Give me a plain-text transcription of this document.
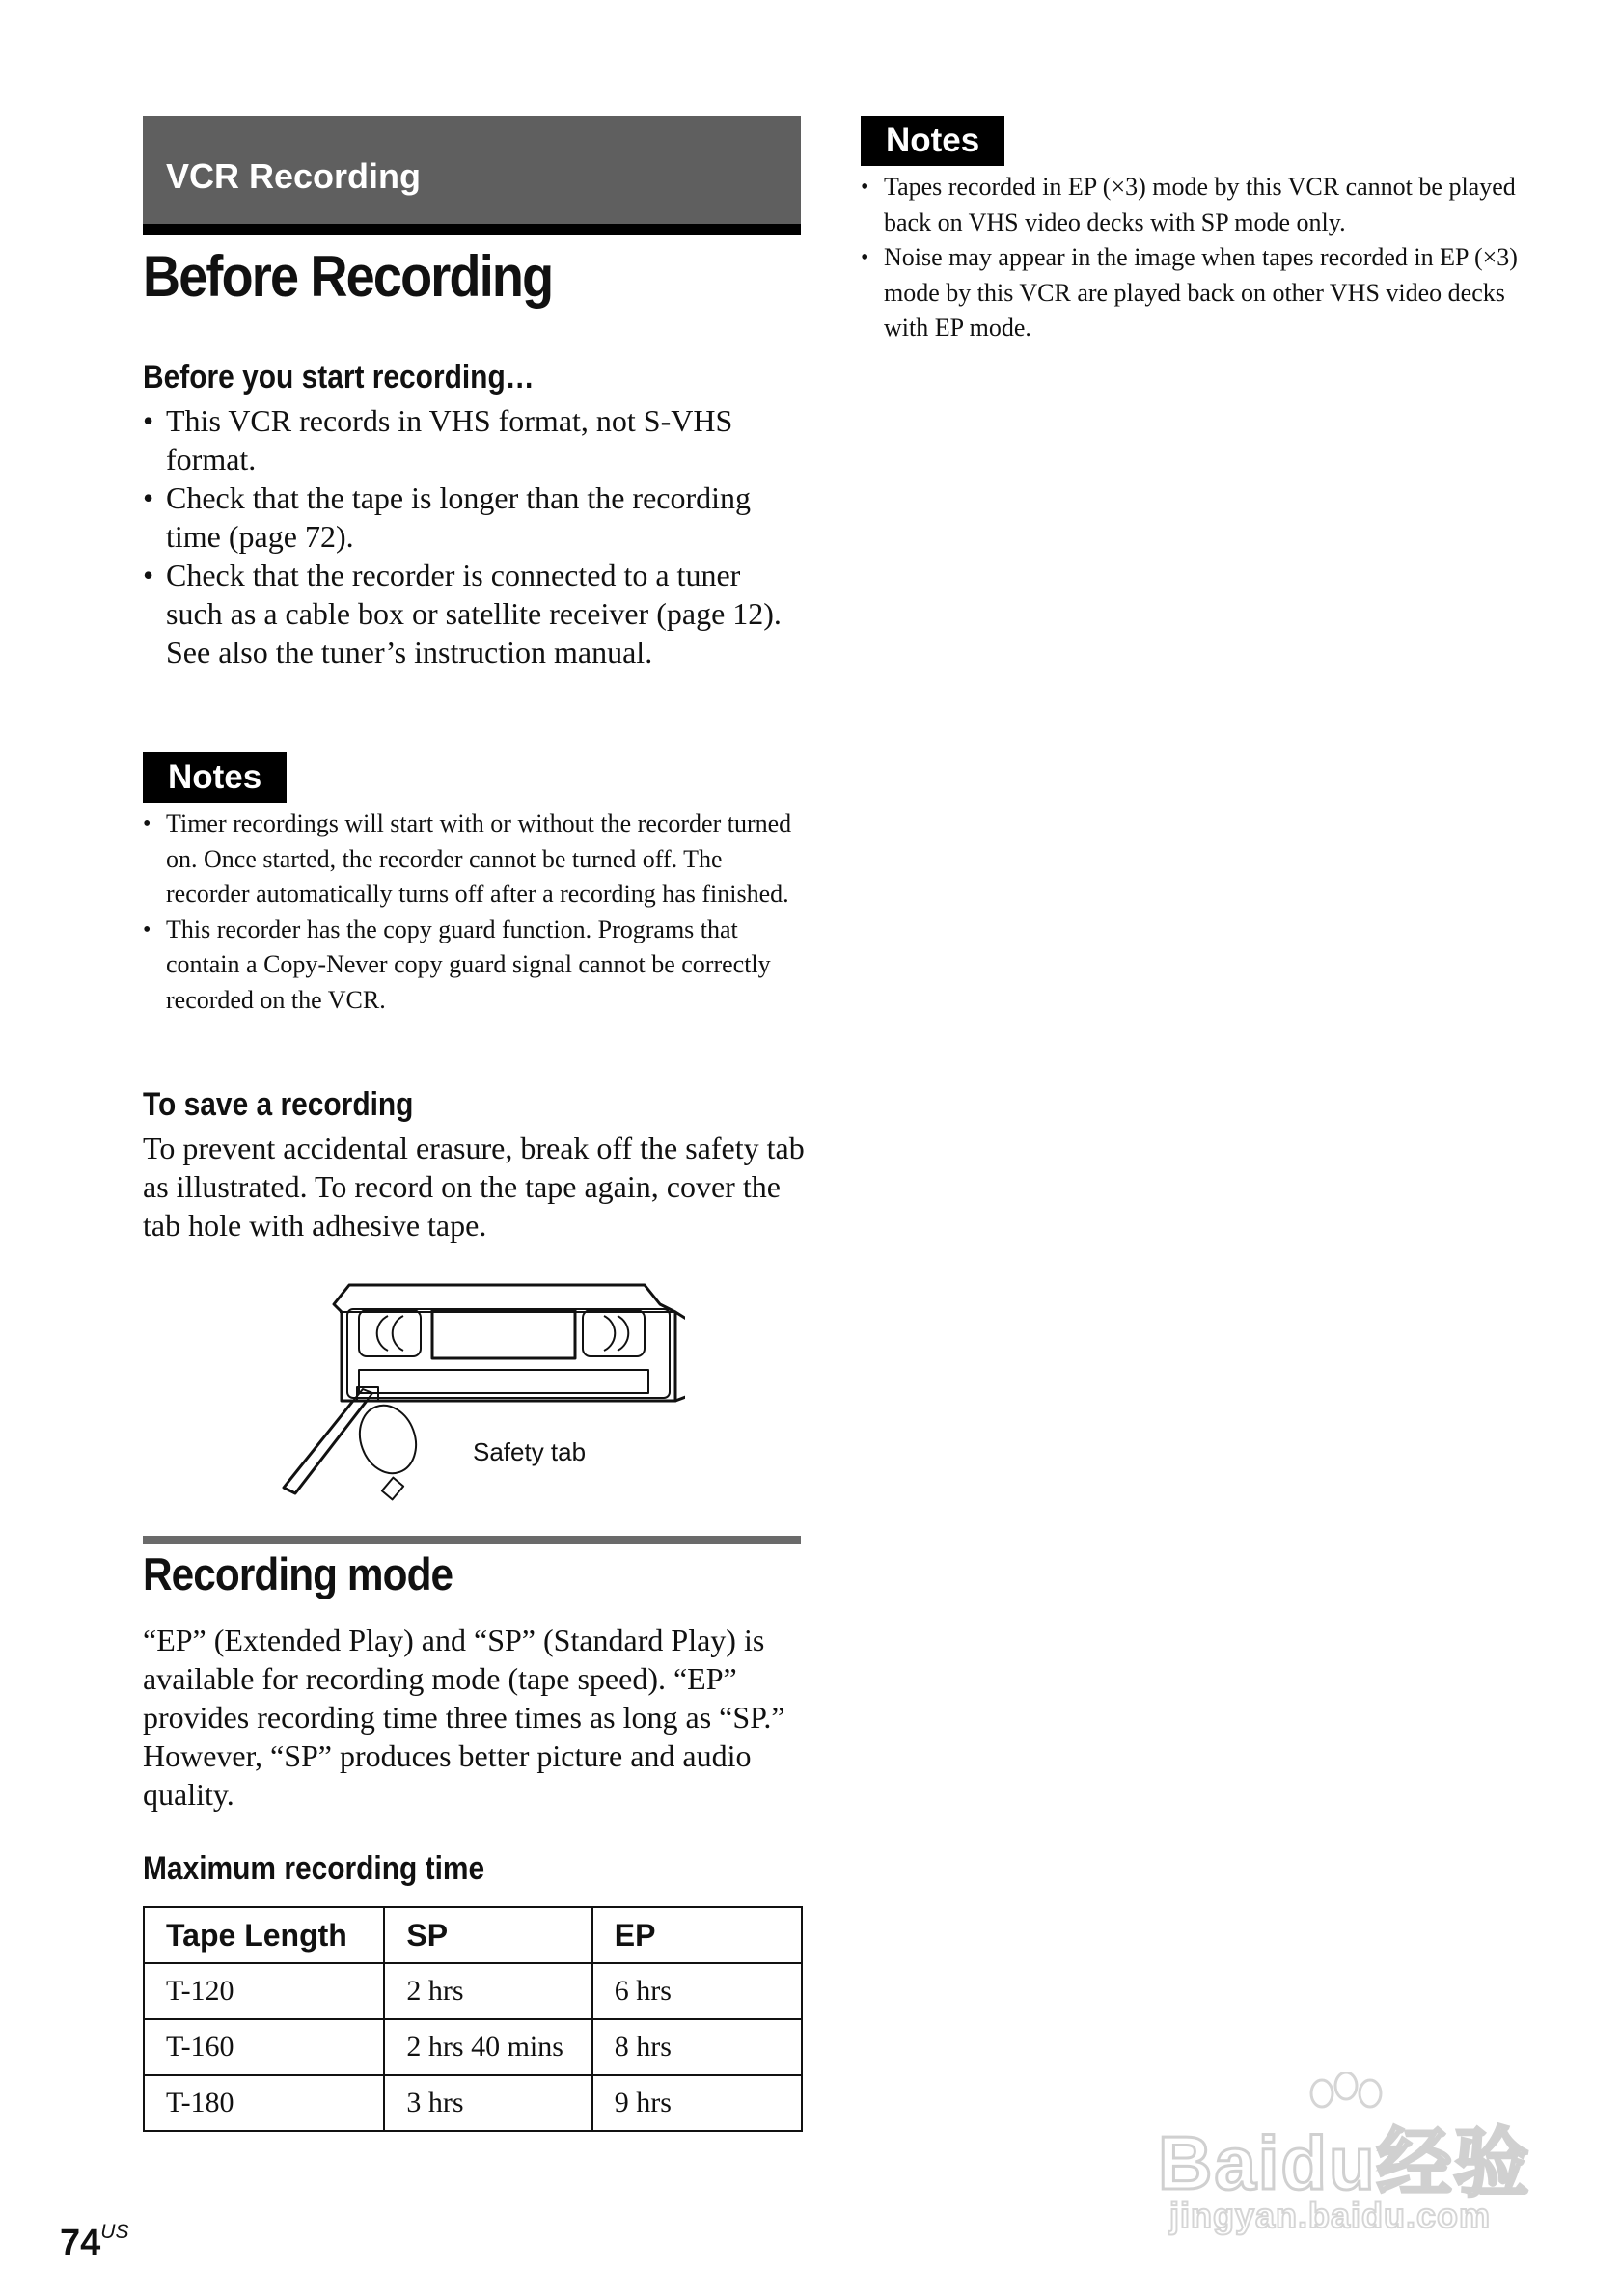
VCR Recording
Before Recording
Before you start recording…
• This VCR records in VHS format, not S-VHS format.
• Check that the tape is longer than the recording time (page 72).
• Check that the recorder is connected to a tuner such as a cable box or satellite receiver (page 12). See also the tuner’s instruction manual.
Notes
• Timer recordings will start with or without the recorder turned on. Once started, the recorder cannot be turned off. The recorder automatically turns off after a recording has finished.
• This recorder has the copy guard function. Programs that contain a Copy-Never copy guard signal cannot be correctly recorded on the VCR.
To save a recording
To prevent accidental erasure, break off the safety tab as illustrated. To record on the tape again, cover the tab hole with adhesive tape.
Safety tab
Recording mode
“EP” (Extended Play) and “SP” (Standard Play) is available for recording mode (tape speed). “EP” provides recording time three times as long as “SP.” However, “SP” produces better picture and audio quality.
Maximum recording time
Tape Length	SP	EP
T-120	2 hrs	6 hrs
T-160	2 hrs 40 mins	8 hrs
T-180	3 hrs	9 hrs
Notes
• Tapes recorded in EP (×3) mode by this VCR cannot be played back on VHS video decks with SP mode only.
• Noise may appear in the image when tapes recorded in EP (×3) mode by this VCR are played back on other VHS video decks with EP mode.
$74^{US}$
Baidu经验
jingyan.baidu.com
